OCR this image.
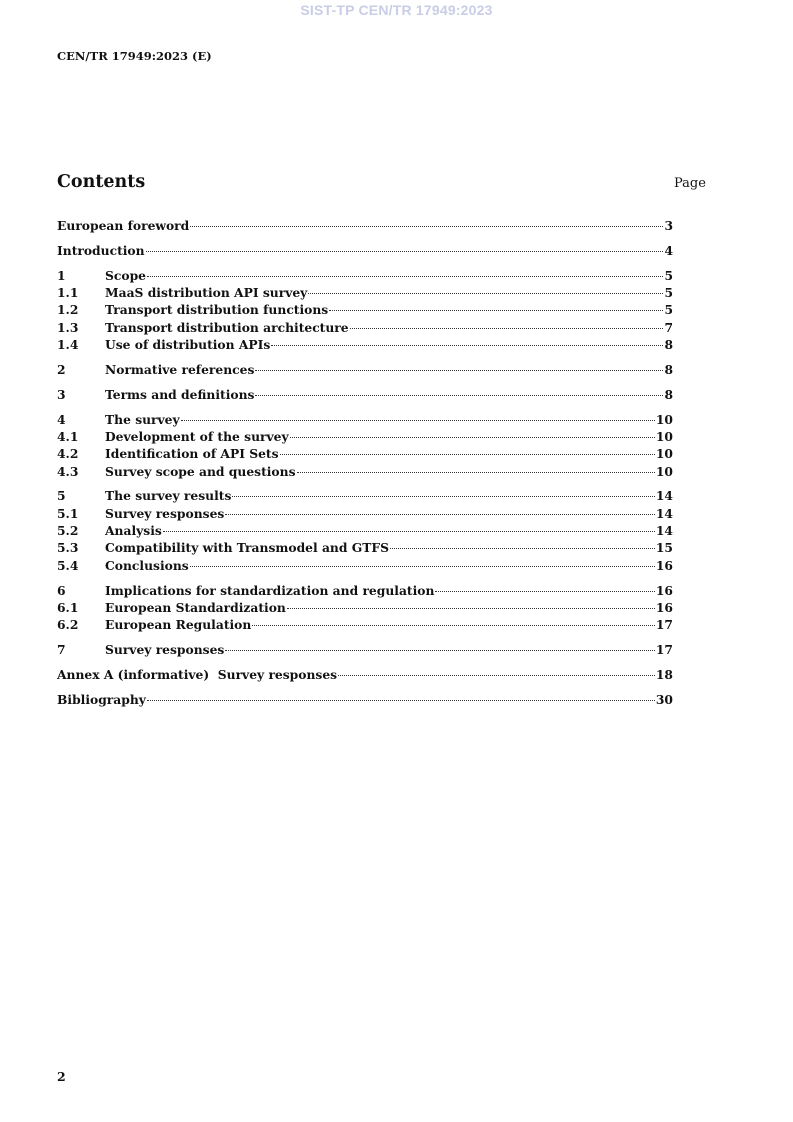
SIST-TP CEN/TR 17949:2023
CEN/TR 17949:2023 (E)
Contents	Page
European foreword	3
Introduction	4
1	Scope	5
1.1	MaaS distribution API survey	5
1.2	Transport distribution functions	5
1.3	Transport distribution architecture	7
1.4	Use of distribution APIs	8
2	Normative references	8
3	Terms and definitions	8
4	The survey	10
4.1	Development of the survey	10
4.2	Identification of API Sets	10
4.3	Survey scope and questions	10
5	The survey results	14
5.1	Survey responses	14
5.2	Analysis	14
5.3	Compatibility with Transmodel and GTFS	15
5.4	Conclusions	16
6	Implications for standardization and regulation	16
6.1	European Standardization	16
6.2	European Regulation	17
7	Survey responses	17
Annex A (informative)  Survey responses	18
Bibliography	30
2
